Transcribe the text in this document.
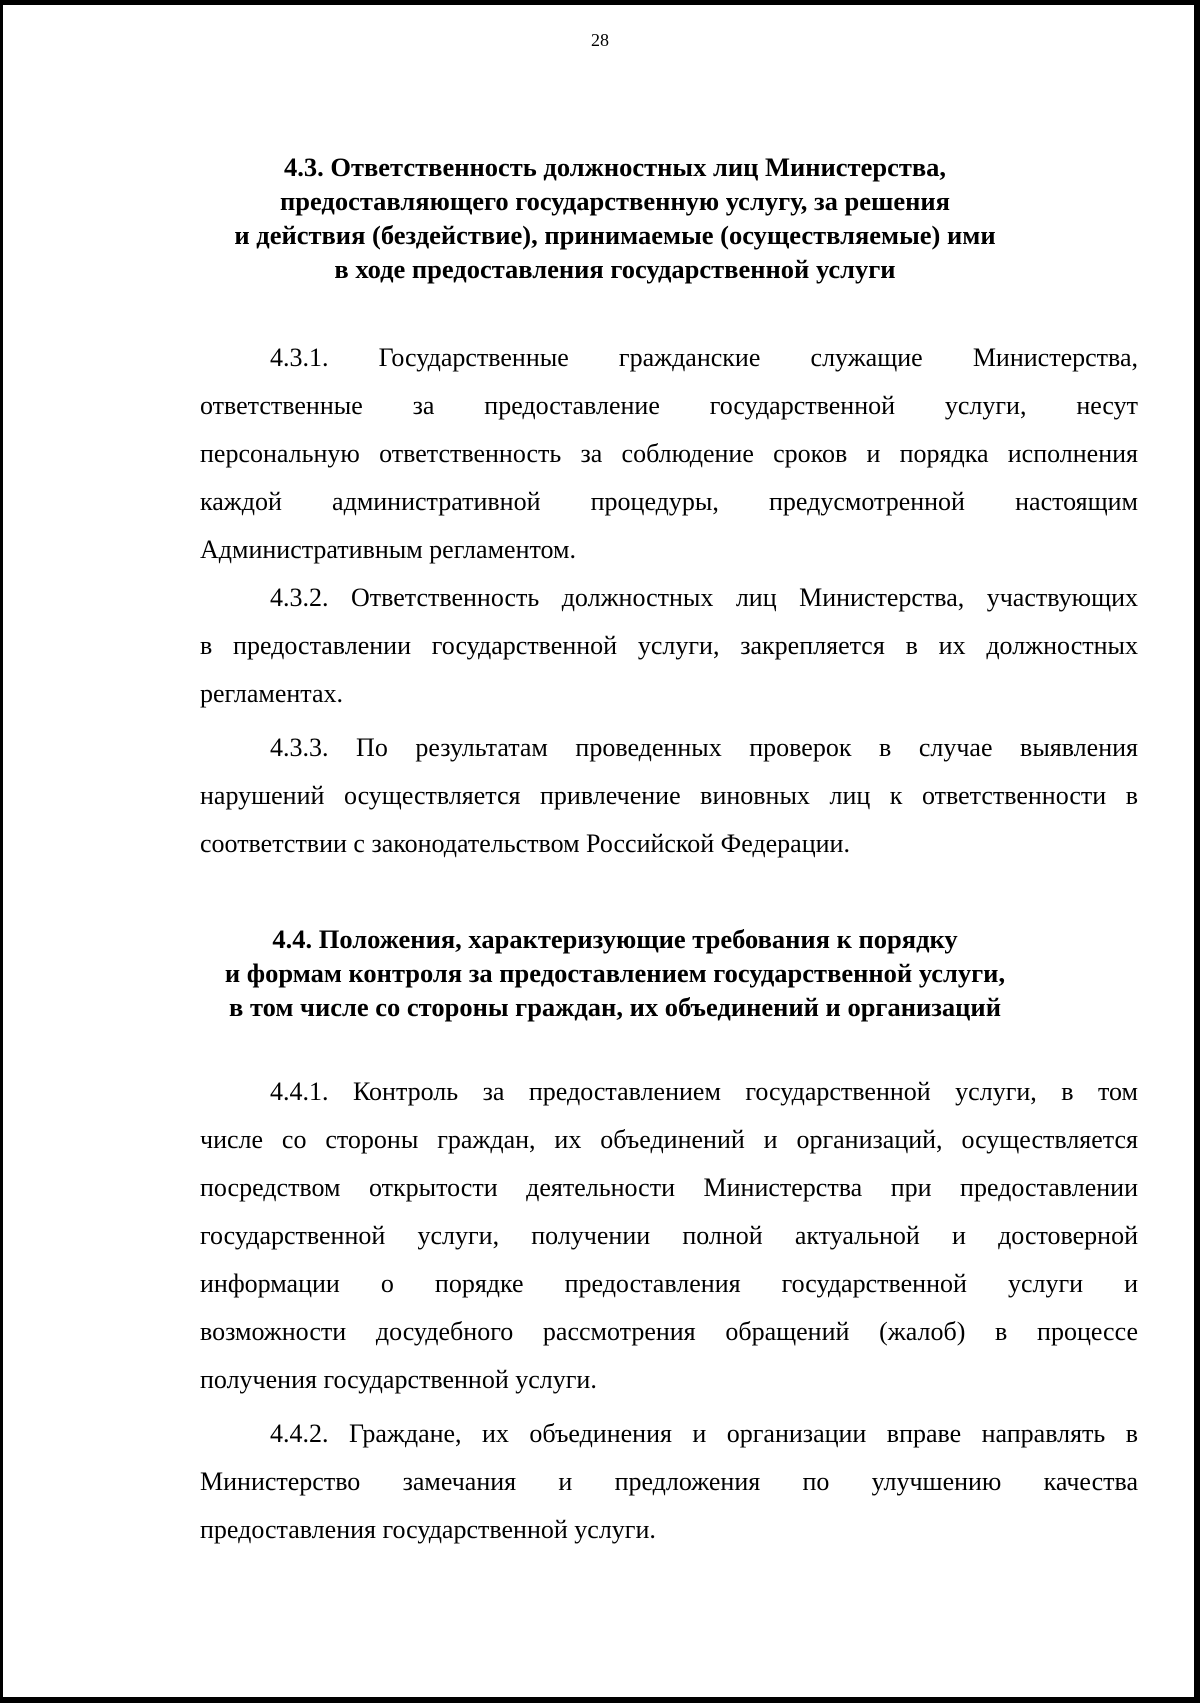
28
4.3. Ответственность должностных лиц Министерства,
предоставляющего государственную услугу, за решения
и действия (бездействие), принимаемые (осуществляемые) ими
в ходе предоставления государственной услуги
4.3.1. Государственные гражданские служащие Министерства,
ответственные за предоставление государственной услуги, несут
персональную ответственность за соблюдение сроков и порядка исполнения
каждой административной процедуры, предусмотренной настоящим
Административным регламентом.
4.3.2. Ответственность должностных лиц Министерства, участвующих
в предоставлении государственной услуги, закрепляется в их должностных
регламентах.
4.3.3. По результатам проведенных проверок в случае выявления
нарушений осуществляется привлечение виновных лиц к ответственности в
соответствии с законодательством Российской Федерации.
4.4. Положения, характеризующие требования к порядку
и формам контроля за предоставлением государственной услуги,
в том числе со стороны граждан, их объединений и организаций
4.4.1. Контроль за предоставлением государственной услуги, в том
числе со стороны граждан, их объединений и организаций, осуществляется
посредством открытости деятельности Министерства при предоставлении
государственной услуги, получении полной актуальной и достоверной
информации о порядке предоставления государственной услуги и
возможности досудебного рассмотрения обращений (жалоб) в процессе
получения государственной услуги.
4.4.2. Граждане, их объединения и организации вправе направлять в
Министерство замечания и предложения по улучшению качества
предоставления государственной услуги.
